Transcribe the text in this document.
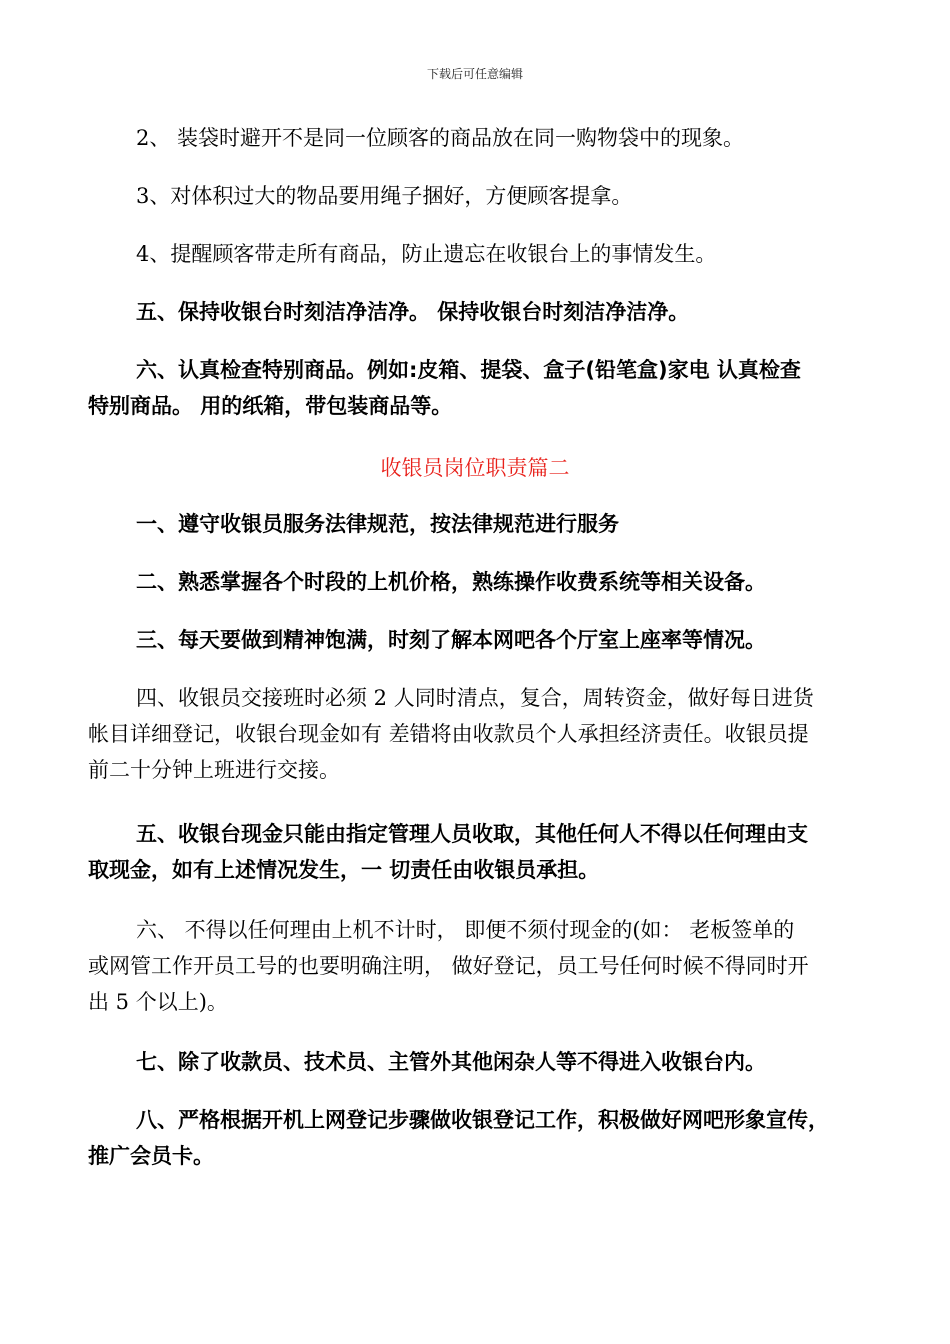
下载后可任意编辑
2、 装袋时避开不是同一位顾客的商品放在同一购物袋中的现象。
3、对体积过大的物品要用绳子捆好，方便顾客提拿。
4、提醒顾客带走所有商品，防止遗忘在收银台上的事情发生。
五、保持收银台时刻洁净洁净。 保持收银台时刻洁净洁净。
六、认真检查特别商品。例如:皮箱、提袋、盒子(铅笔盒)家电 认真检查
特别商品。 用的纸箱，带包装商品等。
收银员岗位职责篇二
一、遵守收银员服务法律规范，按法律规范进行服务
二、熟悉掌握各个时段的上机价格，熟练操作收费系统等相关设备。
三、每天要做到精神饱满，时刻了解本网吧各个厅室上座率等情况。
四、收银员交接班时必须 2 人同时清点，复合，周转资金，做好每日进货
帐目详细登记，收银台现金如有 差错将由收款员个人承担经济责任。收银员提
前二十分钟上班进行交接。
五、收银台现金只能由指定管理人员收取，其他任何人不得以任何理由支
取现金，如有上述情况发生，一 切责任由收银员承担。
六、 不得以任何理由上机不计时， 即便不须付现金的(如： 老板签单的
或网管工作开员工号的也要明确注明， 做好登记，员工号任何时候不得同时开
出 5 个以上)。
七、除了收款员、技术员、主管外其他闲杂人等不得进入收银台内。
八、严格根据开机上网登记步骤做收银登记工作，积极做好网吧形象宣传，
推广会员卡。
